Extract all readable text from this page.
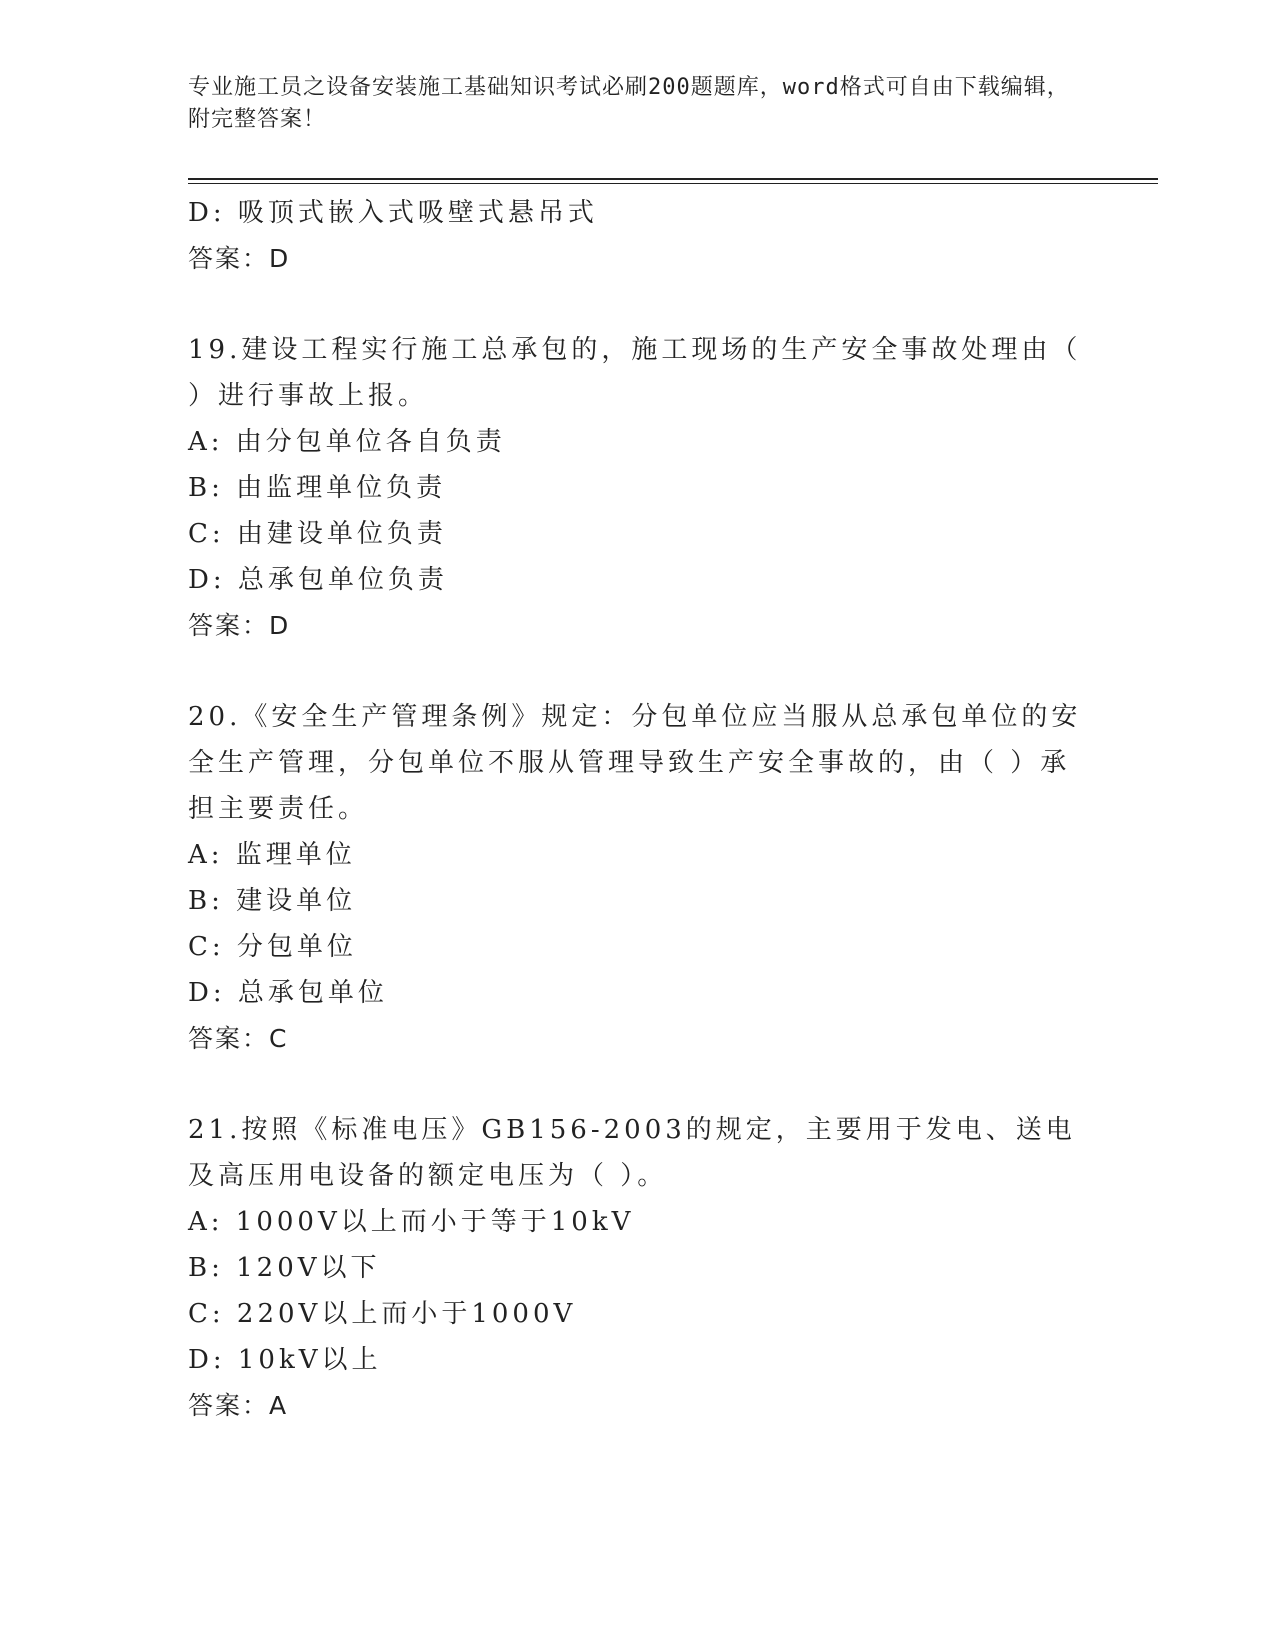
专业施工员之设备安装施工基础知识考试必刷200题题库，word格式可自由下载编辑，附完整答案！
D: 吸顶式嵌入式吸壁式悬吊式
答案：D
19.建设工程实行施工总承包的，施工现场的生产安全事故处理由（ ）进行事故上报。
A: 由分包单位各自负责
B: 由监理单位负责
C: 由建设单位负责
D: 总承包单位负责
答案：D
20.《安全生产管理条例》规定：分包单位应当服从总承包单位的安全生产管理，分包单位不服从管理导致生产安全事故的，由（ ）承担主要责任。
A: 监理单位
B: 建设单位
C: 分包单位
D: 总承包单位
答案：C
21.按照《标准电压》GB156-2003的规定，主要用于发电、送电及高压用电设备的额定电压为（ ）。
A: 1000V以上而小于等于10kV
B: 120V以下
C: 220V以上而小于1000V
D: 10kV以上
答案：A
